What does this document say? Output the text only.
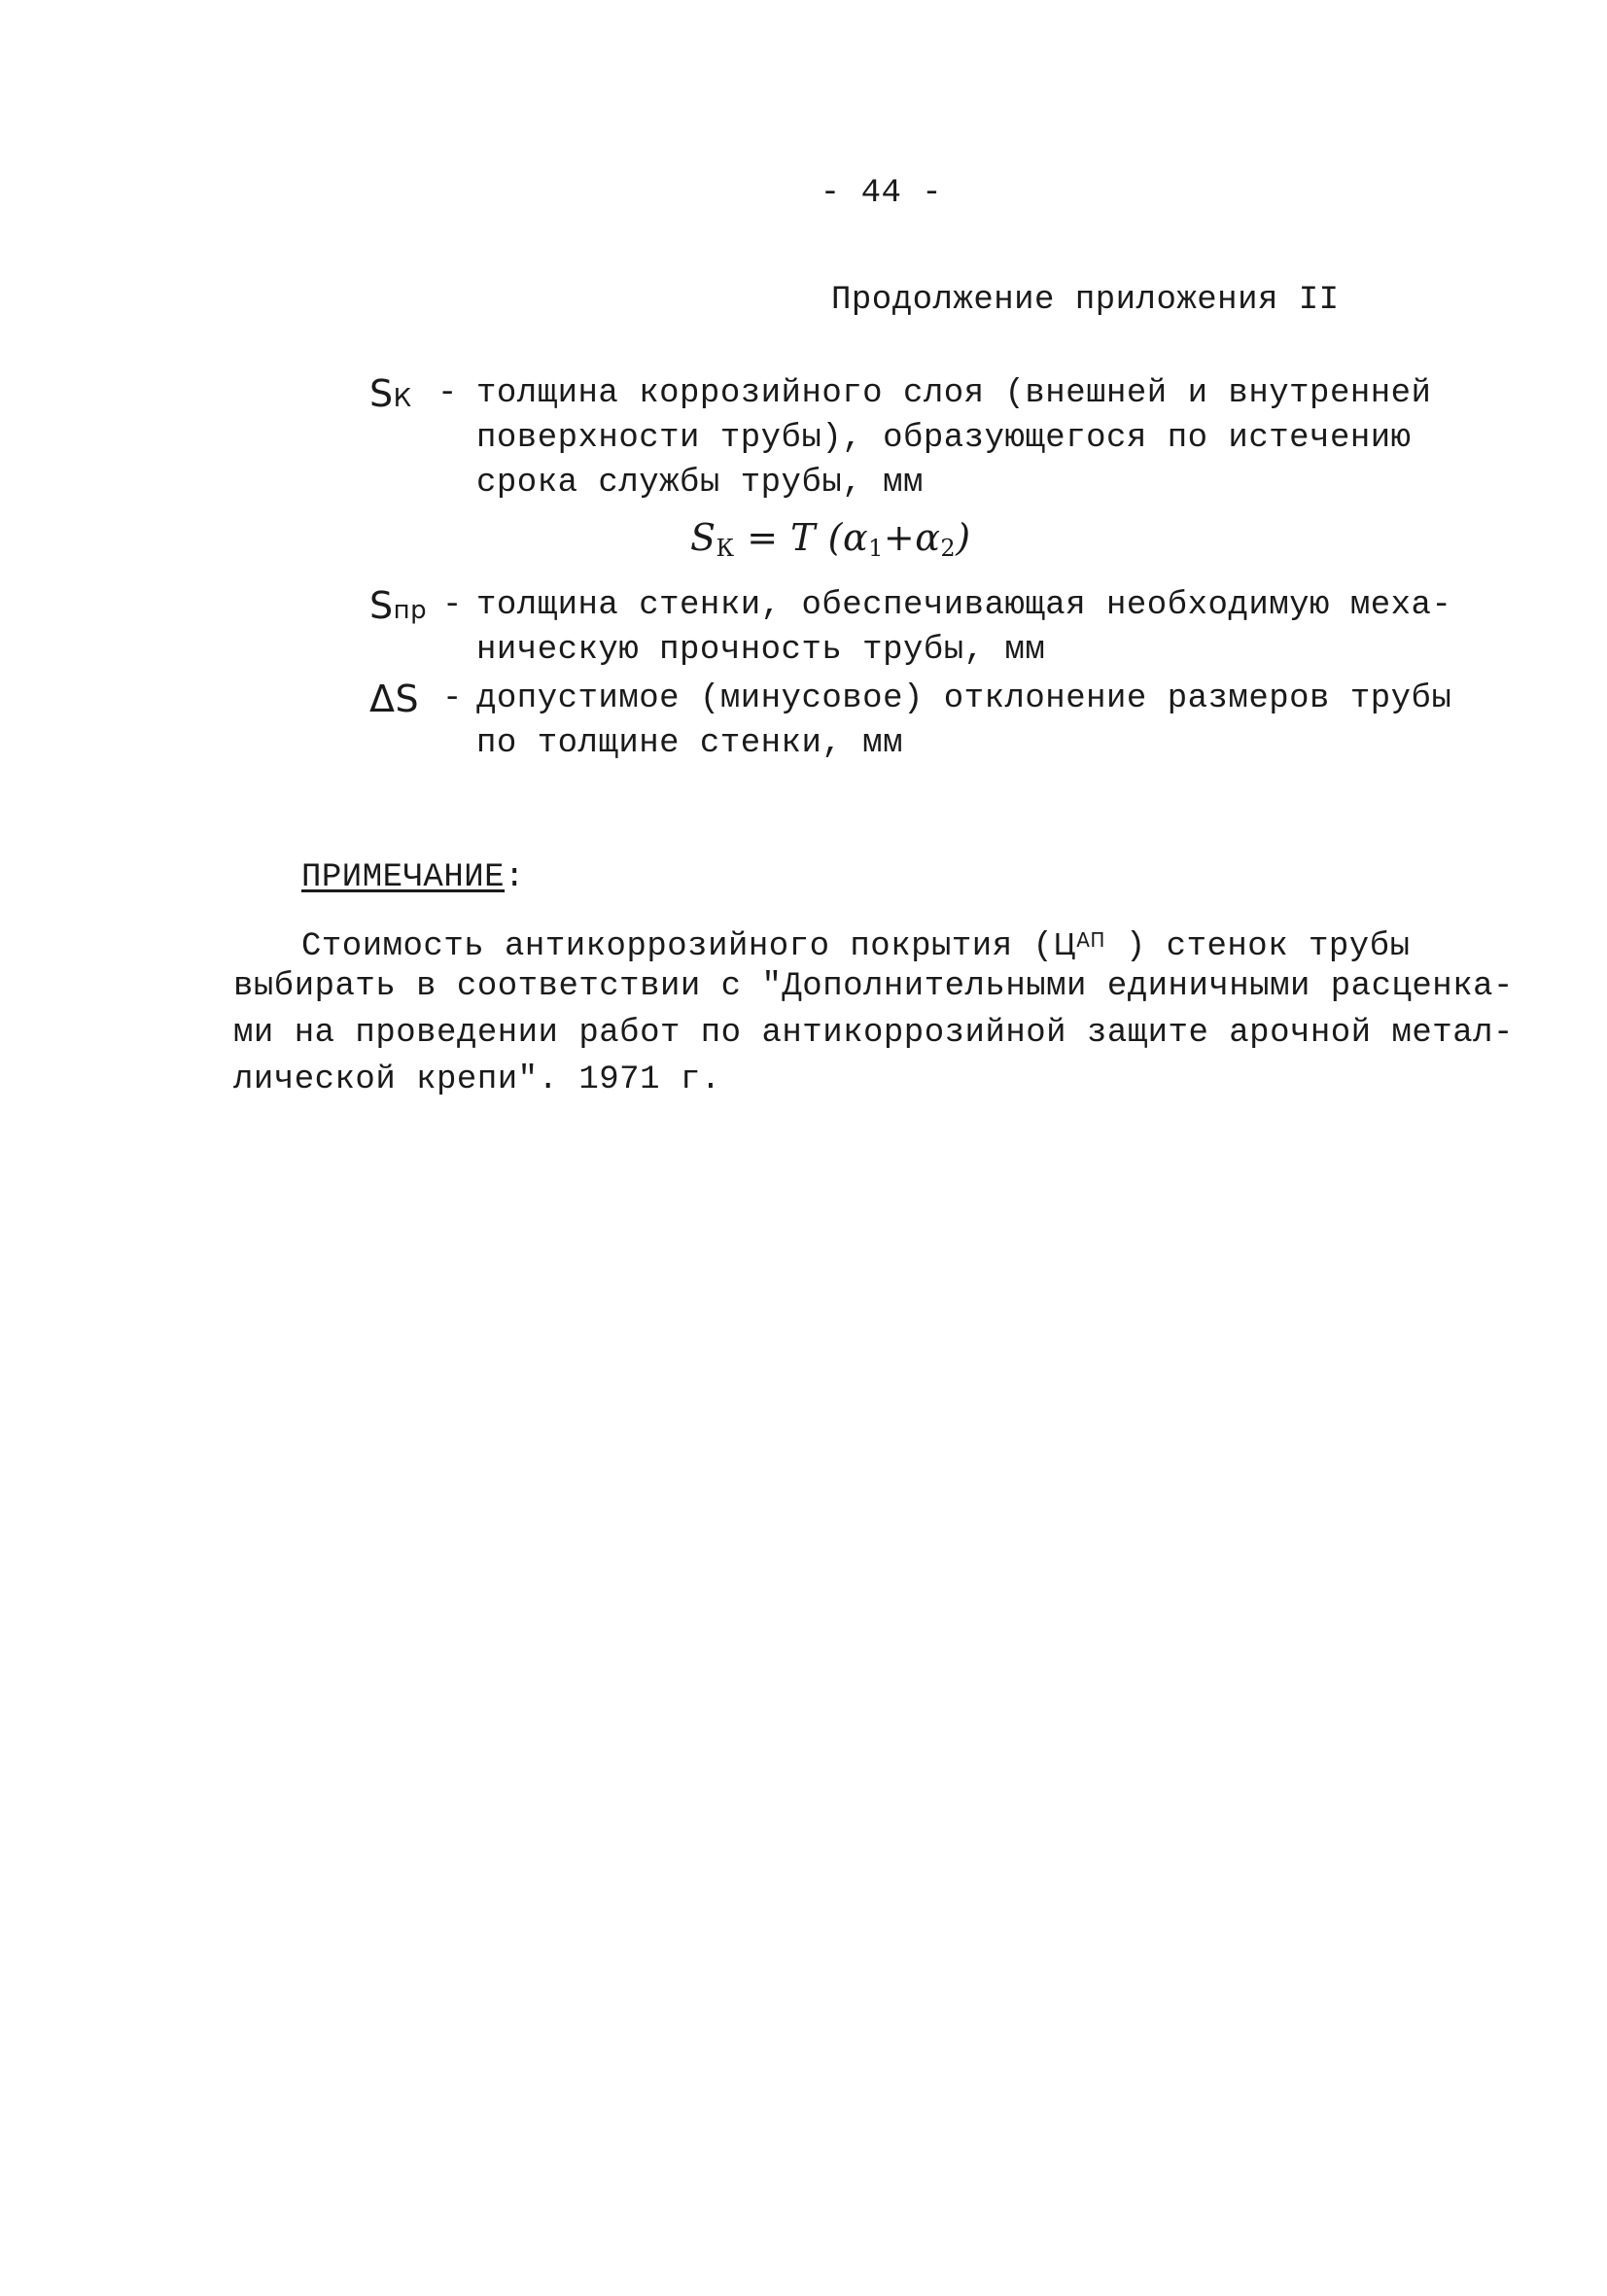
- 44 -
Продолжение приложения II
SК - толщина коррозийного слоя (внешней и внутренней
поверхности трубы), образующегося по истечению
срока службы трубы, мм
$S_К = T$ $(\alpha_1+\alpha_2)$
Sпр - толщина стенки, обеспечивающая необходимую меха-
ническую прочность трубы, мм
ΔS - допустимое (минусовое) отклонение размеров трубы
по толщине стенки, мм
ПРИМЕЧАНИЕ:
Стоимость антикоррозийного покрытия ($Ц^{АП}$ ) стенок трубы
выбирать в соответствии с "Дополнительными единичными расценка-
ми на проведении работ по антикоррозийной защите арочной метал-
лической крепи". 1971 г.
